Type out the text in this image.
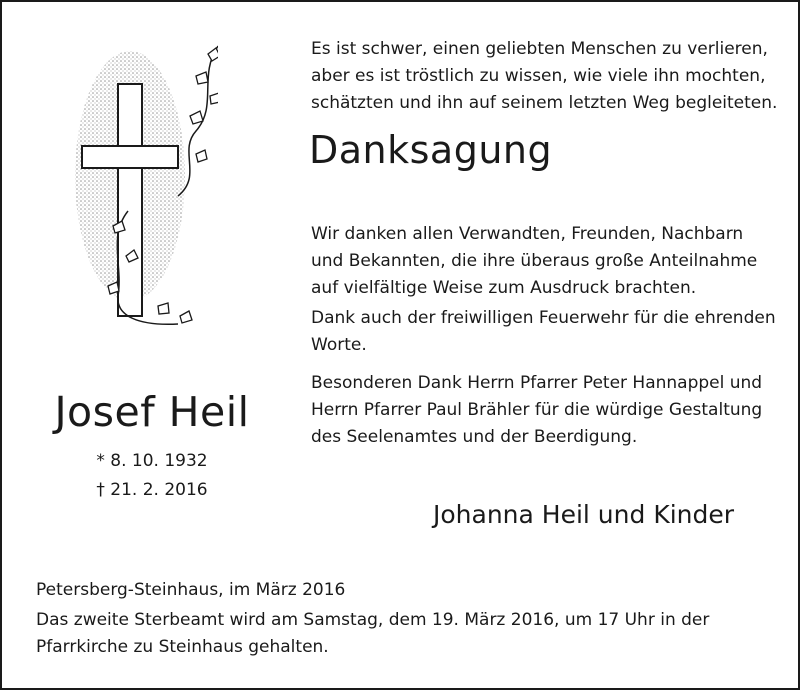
Josef Heil
* 8. 10. 1932
† 21. 2. 2016

Es ist schwer, einen geliebten Menschen zu verlieren,
aber es ist tröstlich zu wissen, wie viele ihn mochten,
schätzten und ihn auf seinem letzten Weg begleiteten.

Danksagung

Wir danken allen Verwandten, Freunden, Nachbarn
und Bekannten, die ihre überaus große Anteilnahme
auf vielfältige Weise zum Ausdruck brachten.

Dank auch der freiwilligen Feuerwehr für die ehrenden
Worte.

Besonderen Dank Herrn Pfarrer Peter Hannappel und
Herrn Pfarrer Paul Brähler für die würdige Gestaltung
des Seelenamtes und der Beerdigung.

Johanna Heil und Kinder

Petersberg-Steinhaus, im März 2016

Das zweite Sterbeamt wird am Samstag, dem 19. März 2016, um 17 Uhr in der
Pfarrkirche zu Steinhaus gehalten.
